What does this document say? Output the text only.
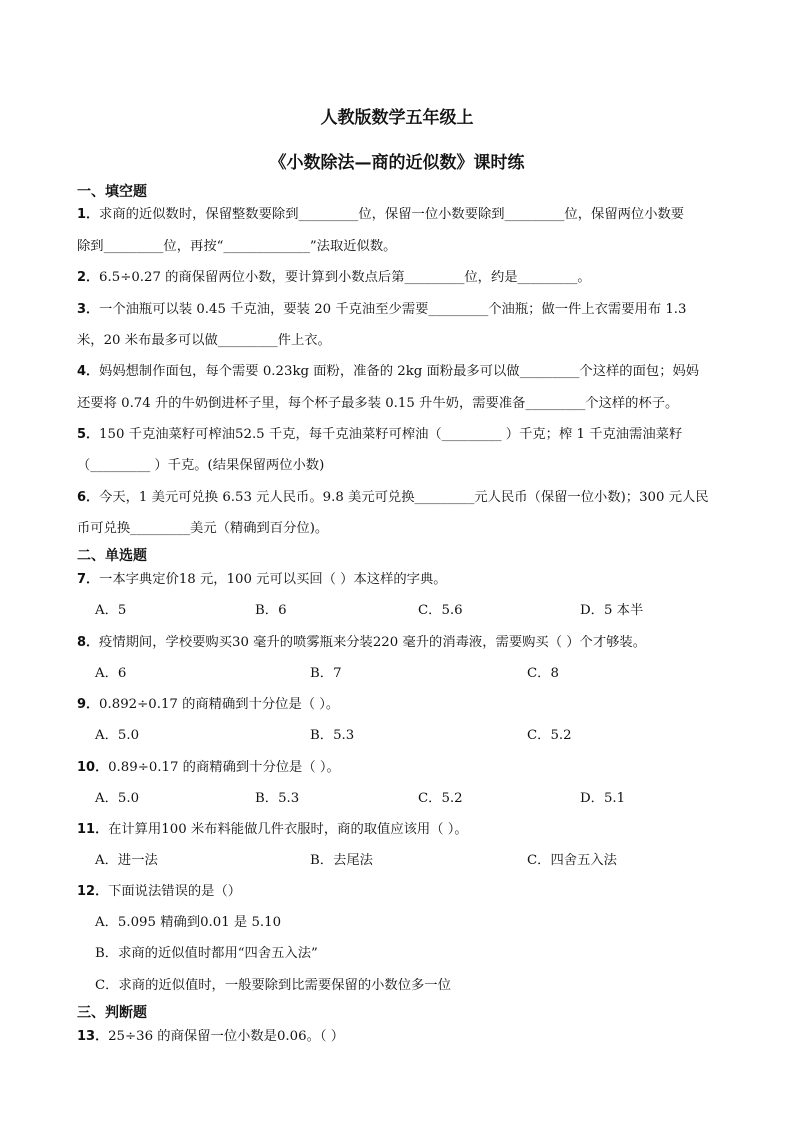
人教版数学五年级上
《小数除法—商的近似数》课时练
一、填空题
1．求商的近似数时，保留整数要除到_________位，保留一位小数要除到_________位，保留两位小数要
除到_________位，再按“_____________”法取近似数。
2．6.5÷0.27 的商保留两位小数，要计算到小数点后第_________位，约是_________。
3．一个油瓶可以装 0.45 千克油，要装 20 千克油至少需要_________个油瓶；做一件上衣需要用布 1.3
米，20 米布最多可以做_________件上衣。
4．妈妈想制作面包，每个需要 0.23kg 面粉，准备的 2kg 面粉最多可以做_________个这样的面包；妈妈
还要将 0.74 升的牛奶倒进杯子里，每个杯子最多装 0.15 升牛奶，需要准备_________个这样的杯子。
5．150 千克油菜籽可榨油52.5 千克，每千克油菜籽可榨油（_________ ）千克；榨 1 千克油需油菜籽
（_________ ）千克。(结果保留两位小数)
6．今天，1 美元可兑换 6.53 元人民币。9.8 美元可兑换_________元人民币（保留一位小数)；300 元人民
币可兑换_________美元（精确到百分位)。
二、单选题
7．一本字典定价18 元，100 元可以买回（ ）本这样的字典。
A．5	B．6	C．5.6	D．5 本半
8．疫情期间，学校要购买30 毫升的喷雾瓶来分装220 毫升的消毒液，需要购买（ ）个才够装。
A．6	B．7	C．8
9．0.892÷0.17 的商精确到十分位是（ ）。
A．5.0	B．5.3	C．5.2
10．0.89÷0.17 的商精确到十分位是（ ）。
A．5.0	B．5.3	C．5.2	D．5.1
11．在计算用100 米布料能做几件衣服时，商的取值应该用（ ）。
A．进一法	B．去尾法	C．四舍五入法
12．下面说法错误的是（）
A．5.095 精确到0.01 是 5.10
B．求商的近似值时都用“四舍五入法”
C．求商的近似值时，一般要除到比需要保留的小数位多一位
三、判断题
13．25÷36 的商保留一位小数是0.06。（ ）
